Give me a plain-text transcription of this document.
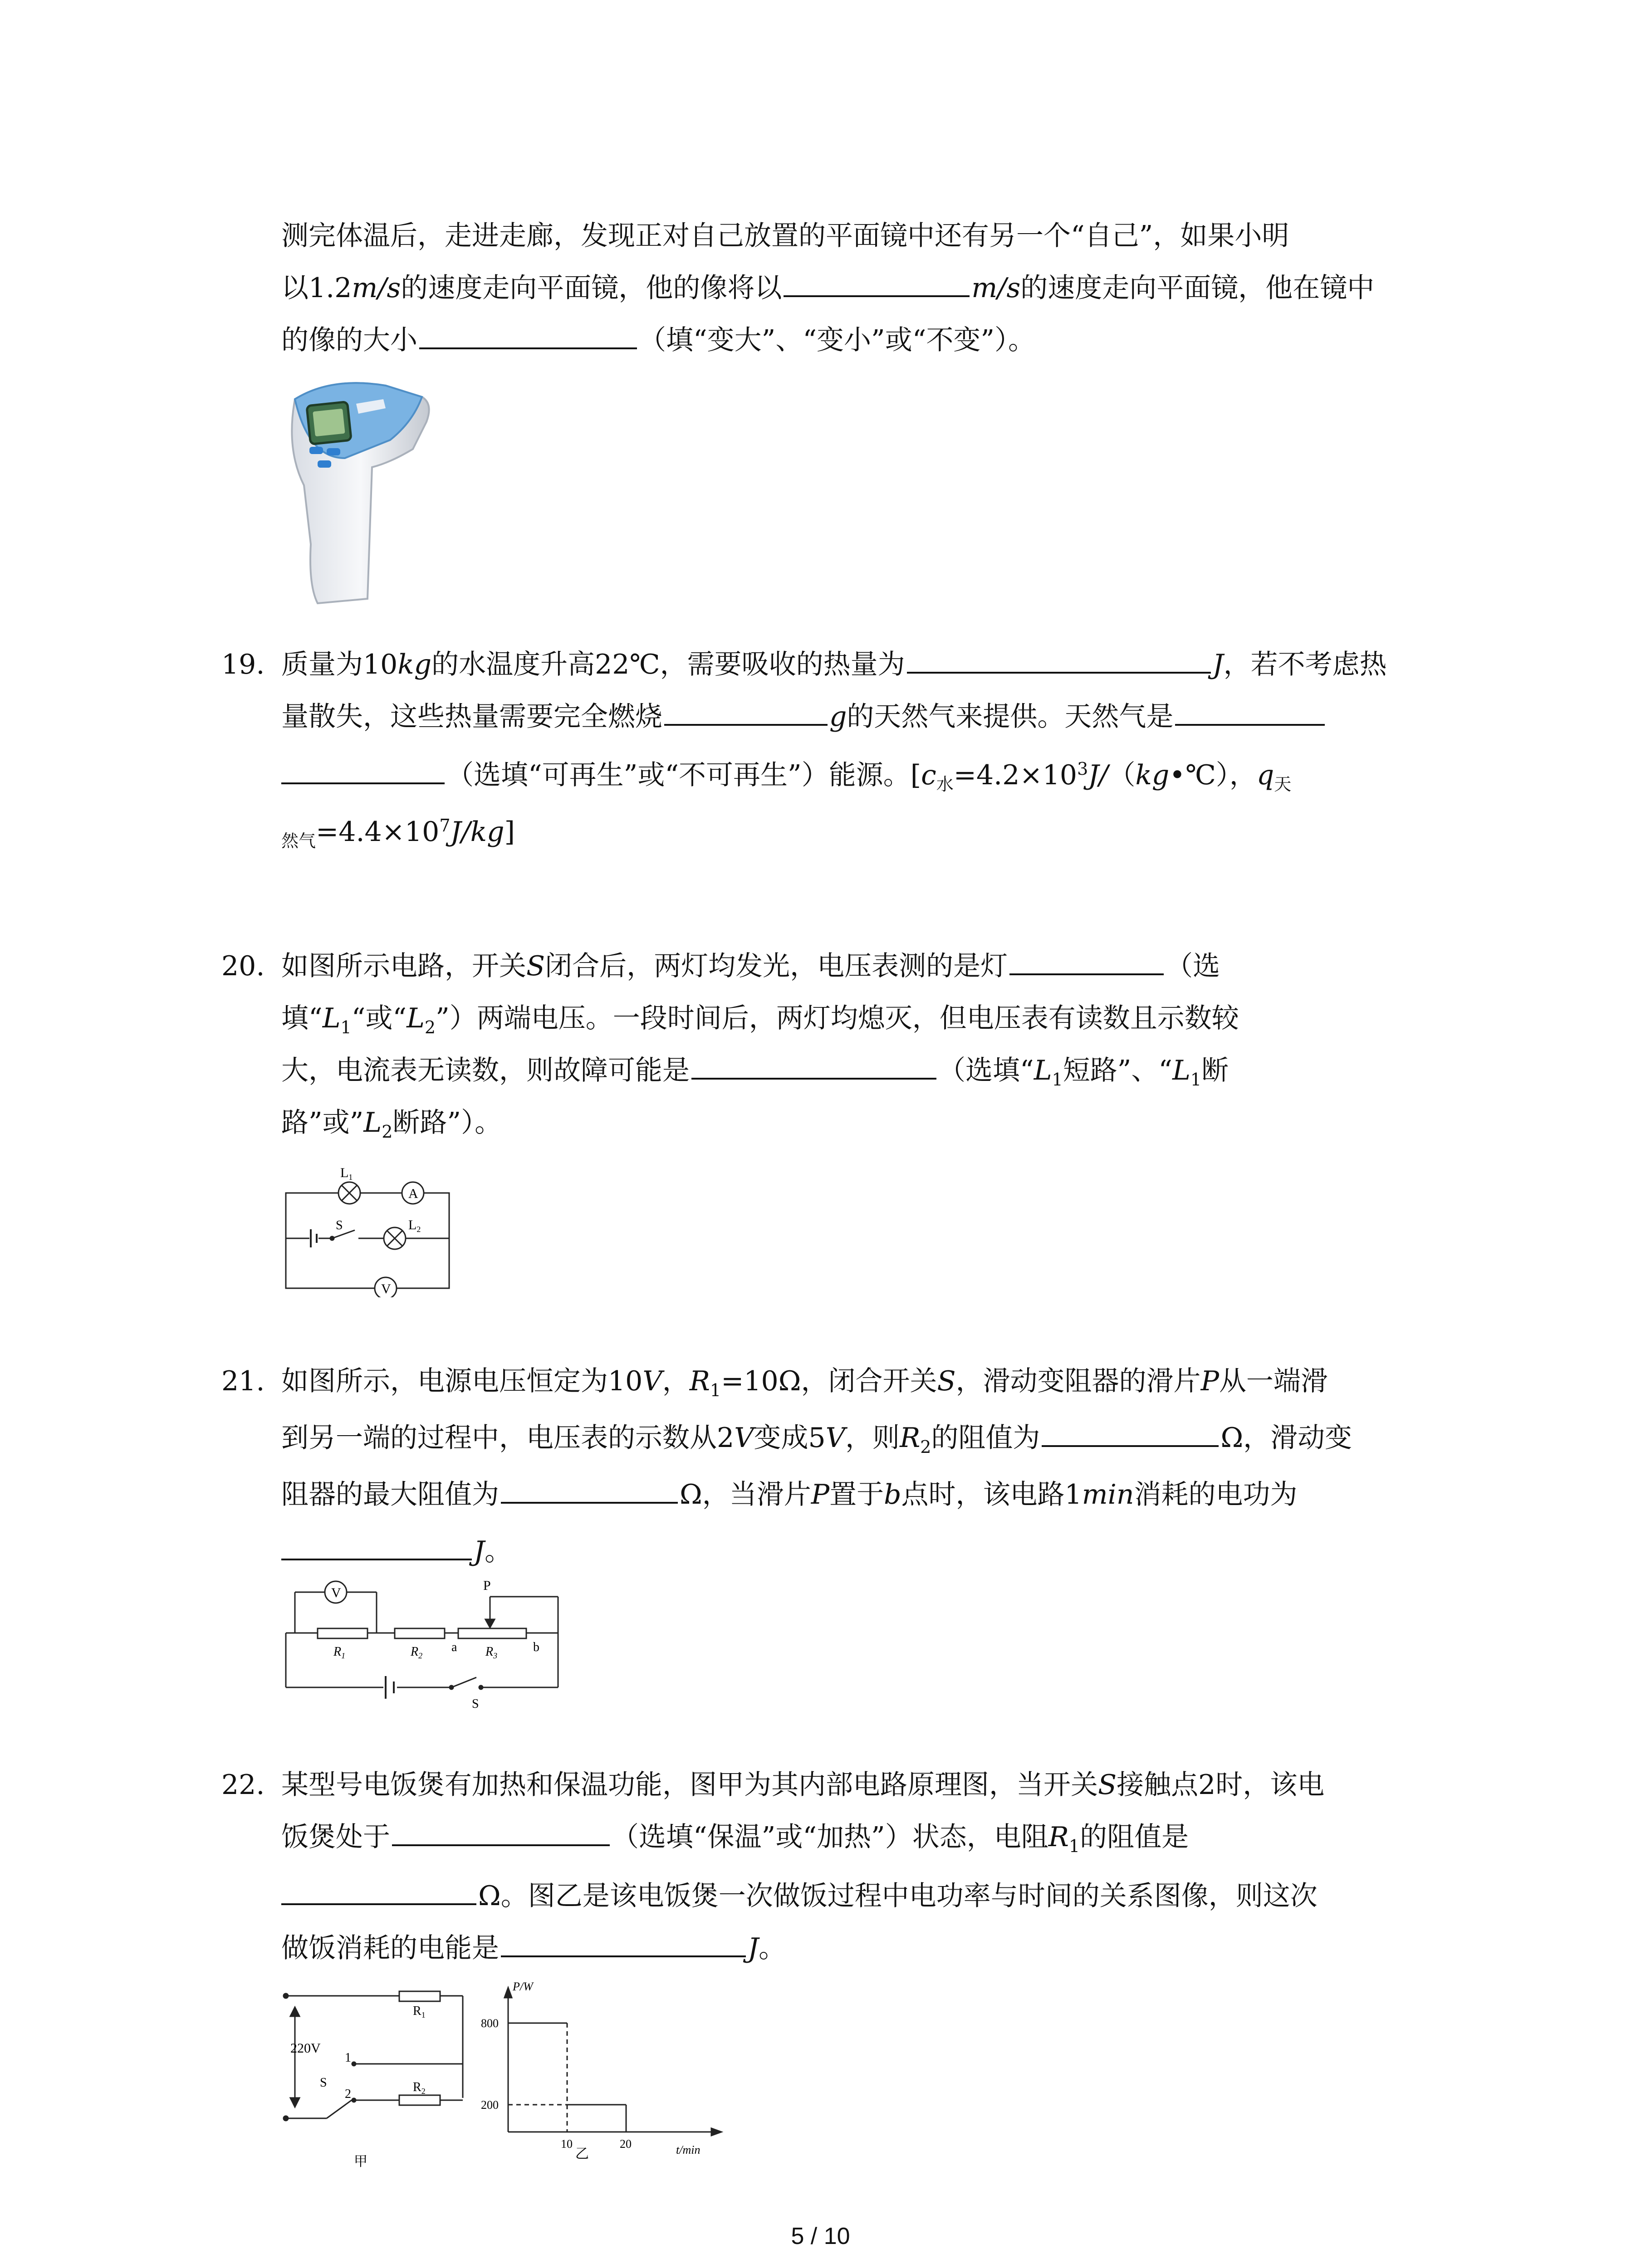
测完体温后，走进走廊，发现正对自己放置的平面镜中还有另一个“自己”，如果小明
以1.2m/s的速度走向平面镜，他的像将以	m/s的速度走向平面镜，他在镜中
的像的大小	（填“变大”、“变小”或“不变”）。
19. 质量为10kg的水温度升高22℃，需要吸收的热量为	J，若不考虑热
量散失，这些热量需要完全燃烧	g的天然气来提供。天然气是
（选填“可再生”或“不可再生”）能源。[$c_水=4.2\times 10^3J/(kg•℃)$，$q_天$
$_{然气}=4.4\times 10^7J/kg$]
20. 如图所示电路，开关S闭合后，两灯均发光，电压表测的是灯	（选
填“$L_1“$或“$L_2$”）两端电压。一段时间后，两灯均熄灭，但电压表有读数且示数较
大，电流表无读数，则故障可能是	（选填“$L_1$短路”、“$L_1$断
路”或$”L_2$断路”）。
$L_1$
A
S	$L_2$
V
21. 如图所示，电源电压恒定为10V，$R_1=10\Omega$，闭合开关S，滑动变阻器的滑片P从一端滑
到另一端的过程中，电压表的示数从2V变成5V，则$R_2$的阻值为	Ω，滑动变
阻器的最大阻值为	Ω，当滑片P置于b点时，该电路1min消耗的电功为
J。
V	P
$R_1$	$R_2$	$R_3$
a	b
S
22. 某型号电饭煲有加热和保温功能，图甲为其内部电路原理图，当开关S接触点2时，该电
饭煲处于	（选填“保温”或“加热”）状态，电阻$R_1$的阻值是
Ω。图乙是该电饭煲一次做饭过程中电功率与时间的关系图像，则这次
做饭消耗的电能是	J。
220V
1
S
2
$R_1$
$R_2$
甲
P/W
t/min
800
200
10	20
乙
5 / 10
